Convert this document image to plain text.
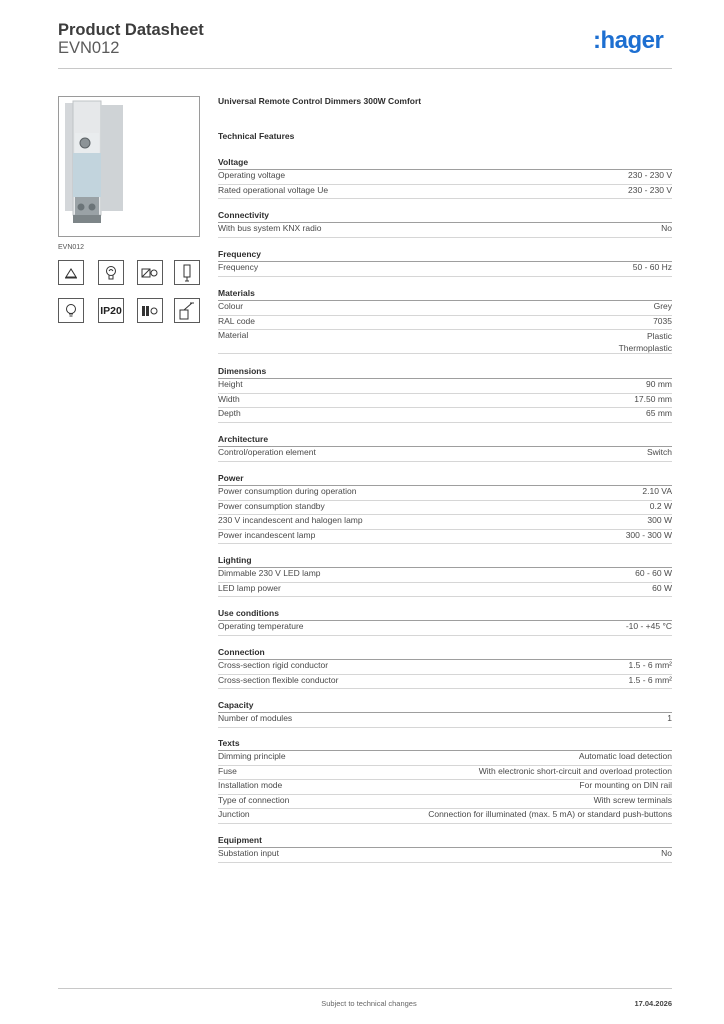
Product Datasheet
EVN012	:hager
EVN012
IP20
Universal Remote Control Dimmers 300W Comfort
Technical Features
Voltage
Operating voltage	230 - 230 V
Rated operational voltage Ue	230 - 230 V
Connectivity
With bus system KNX radio	No
Frequency
Frequency	50 - 60 Hz
Materials
Colour	Grey
RAL code	7035
Material	Plastic
Thermoplastic
Dimensions
Height	90 mm
Width	17.50 mm
Depth	65 mm
Architecture
Control/operation element	Switch
Power
Power consumption during operation	2.10 VA
Power consumption standby	0.2 W
230 V incandescent and halogen lamp	300 W
Power incandescent lamp	300 - 300 W
Lighting
Dimmable 230 V LED lamp	60 - 60 W
LED lamp power	60 W
Use conditions
Operating temperature	-10 - +45 °C
Connection
Cross-section rigid conductor	1.5 - 6 mm²
Cross-section flexible conductor	1.5 - 6 mm²
Capacity
Number of modules	1
Texts
Dimming principle	Automatic load detection
Fuse	With electronic short-circuit and overload protection
Installation mode	For mounting on DIN rail
Type of connection	With screw terminals
Junction	Connection for illuminated (max. 5 mA) or standard push-buttons
Equipment
Substation input	No
Subject to technical changes	17.04.2026
